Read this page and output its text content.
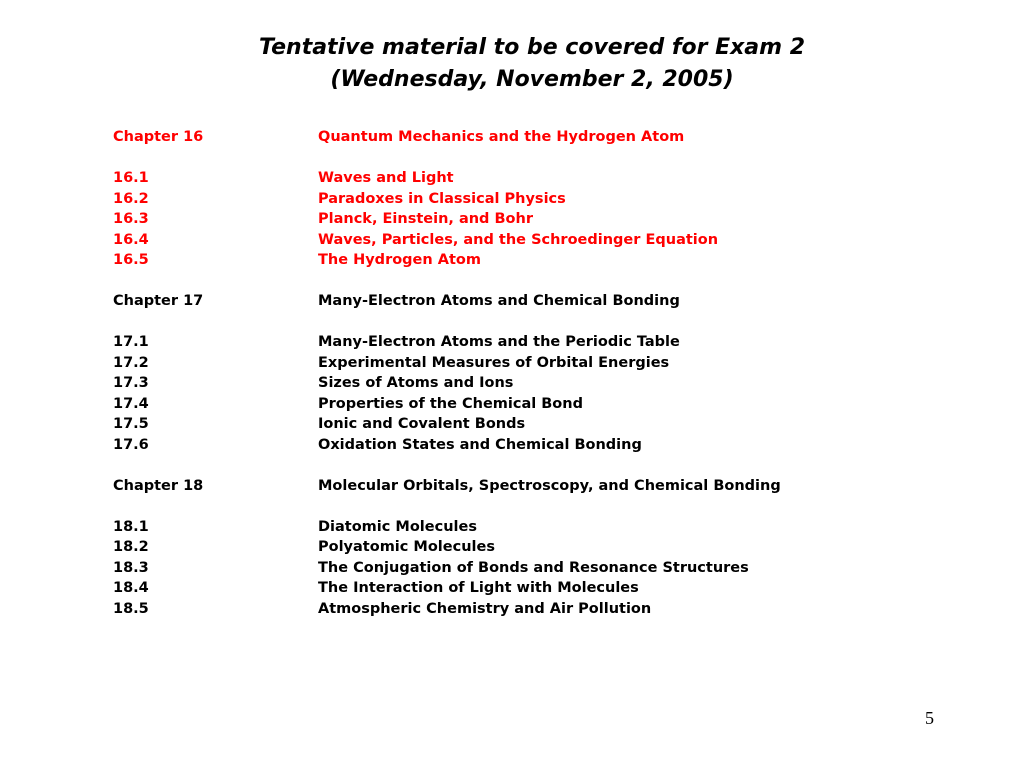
Tentative material to be covered for Exam 2
(Wednesday, November 2, 2005)
Chapter 16	Quantum Mechanics and the Hydrogen Atom
16.1	Waves and Light
16.2	Paradoxes in Classical Physics
16.3	Planck, Einstein, and Bohr
16.4	Waves, Particles, and the Schroedinger Equation
16.5	The Hydrogen Atom
Chapter 17	Many-Electron Atoms and Chemical Bonding
17.1	Many-Electron Atoms and the Periodic Table
17.2	Experimental Measures of Orbital Energies
17.3	Sizes of Atoms and Ions
17.4	Properties of the Chemical Bond
17.5	Ionic and Covalent Bonds
17.6	Oxidation States and Chemical Bonding
Chapter 18	Molecular Orbitals, Spectroscopy, and Chemical Bonding
18.1	Diatomic Molecules
18.2	Polyatomic Molecules
18.3	The Conjugation of Bonds and Resonance Structures
18.4	The Interaction of Light with Molecules
18.5	Atmospheric Chemistry and Air Pollution
5
